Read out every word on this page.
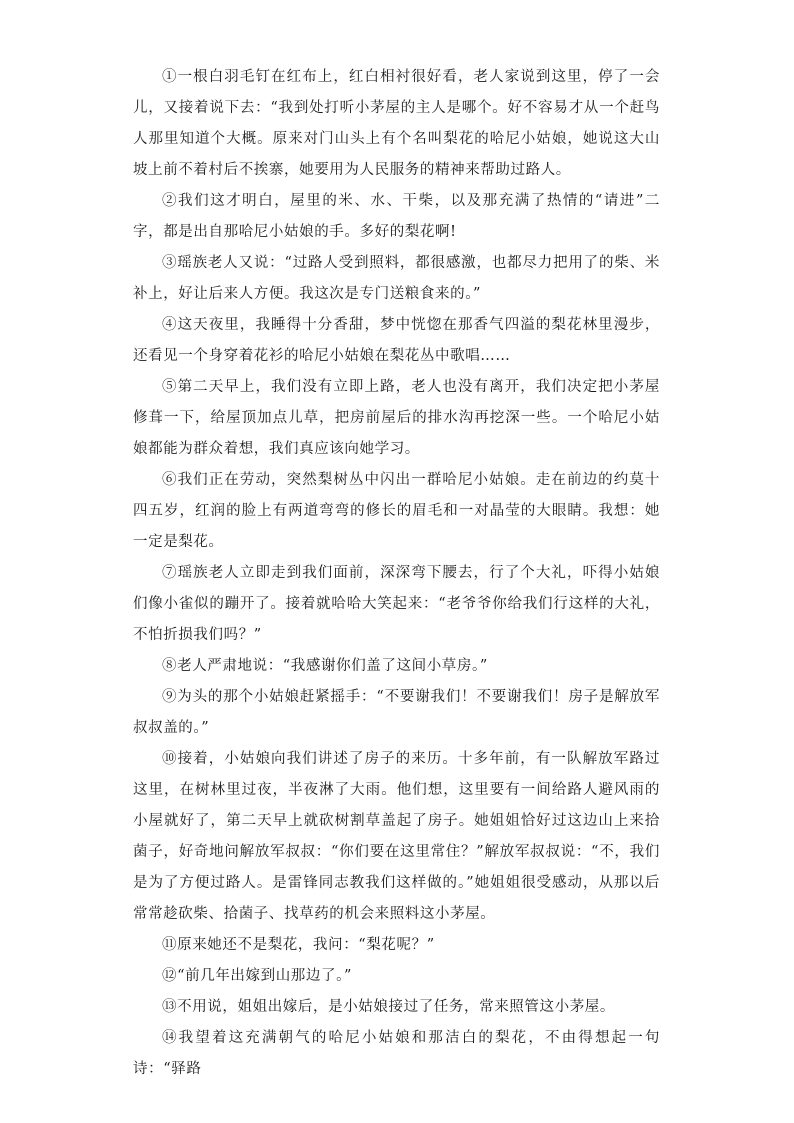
①一根白羽毛钉在红布上，红白相衬很好看，老人家说到这里，停了一会儿，又接着说下去：“我到处打听小茅屋的主人是哪个。好不容易才从一个赶鸟人那里知道个大概。原来对门山头上有个名叫梨花的哈尼小姑娘，她说这大山坡上前不着村后不挨寨，她要用为人民服务的精神来帮助过路人。

②我们这才明白，屋里的米、水、干柴，以及那充满了热情的“请进”二字，都是出自那哈尼小姑娘的手。多好的梨花啊!

③瑶族老人又说：“过路人受到照料，都很感激，也都尽力把用了的柴、米补上，好让后来人方便。我这次是专门送粮食来的。”

④这天夜里，我睡得十分香甜，梦中恍惚在那香气四溢的梨花林里漫步，还看见一个身穿着花衫的哈尼小姑娘在梨花丛中歌唱……

⑤第二天早上，我们没有立即上路，老人也没有离开，我们决定把小茅屋修葺一下，给屋顶加点儿草，把房前屋后的排水沟再挖深一些。一个哈尼小姑娘都能为群众着想，我们真应该向她学习。

⑥我们正在劳动，突然梨树丛中闪出一群哈尼小姑娘。走在前边的约莫十四五岁，红润的脸上有两道弯弯的修长的眉毛和一对晶莹的大眼睛。我想：她一定是梨花。

⑦瑶族老人立即走到我们面前，深深弯下腰去，行了个大礼，吓得小姑娘们像小雀似的蹦开了。接着就哈哈大笑起来：“老爷爷你给我们行这样的大礼，不怕折损我们吗？”

⑧老人严肃地说：“我感谢你们盖了这间小草房。”

⑨为头的那个小姑娘赶紧摇手：“不要谢我们！不要谢我们！房子是解放军叔叔盖的。”

⑩接着，小姑娘向我们讲述了房子的来历。十多年前，有一队解放军路过这里，在树林里过夜，半夜淋了大雨。他们想，这里要有一间给路人避风雨的小屋就好了，第二天早上就砍树割草盖起了房子。她姐姐恰好过这边山上来拾菌子，好奇地问解放军叔叔：“你们要在这里常住？”解放军叔叔说：“不，我们是为了方便过路人。是雷锋同志教我们这样做的。”她姐姐很受感动，从那以后常常趁砍柴、拾菌子、找草药的机会来照料这小茅屋。

⑪原来她还不是梨花，我问：“梨花呢？”

⑫“前几年出嫁到山那边了。”

⑬不用说，姐姐出嫁后，是小姑娘接过了任务，常来照管这小茅屋。

⑭我望着这充满朝气的哈尼小姑娘和那洁白的梨花，不由得想起一句诗：“驿路
